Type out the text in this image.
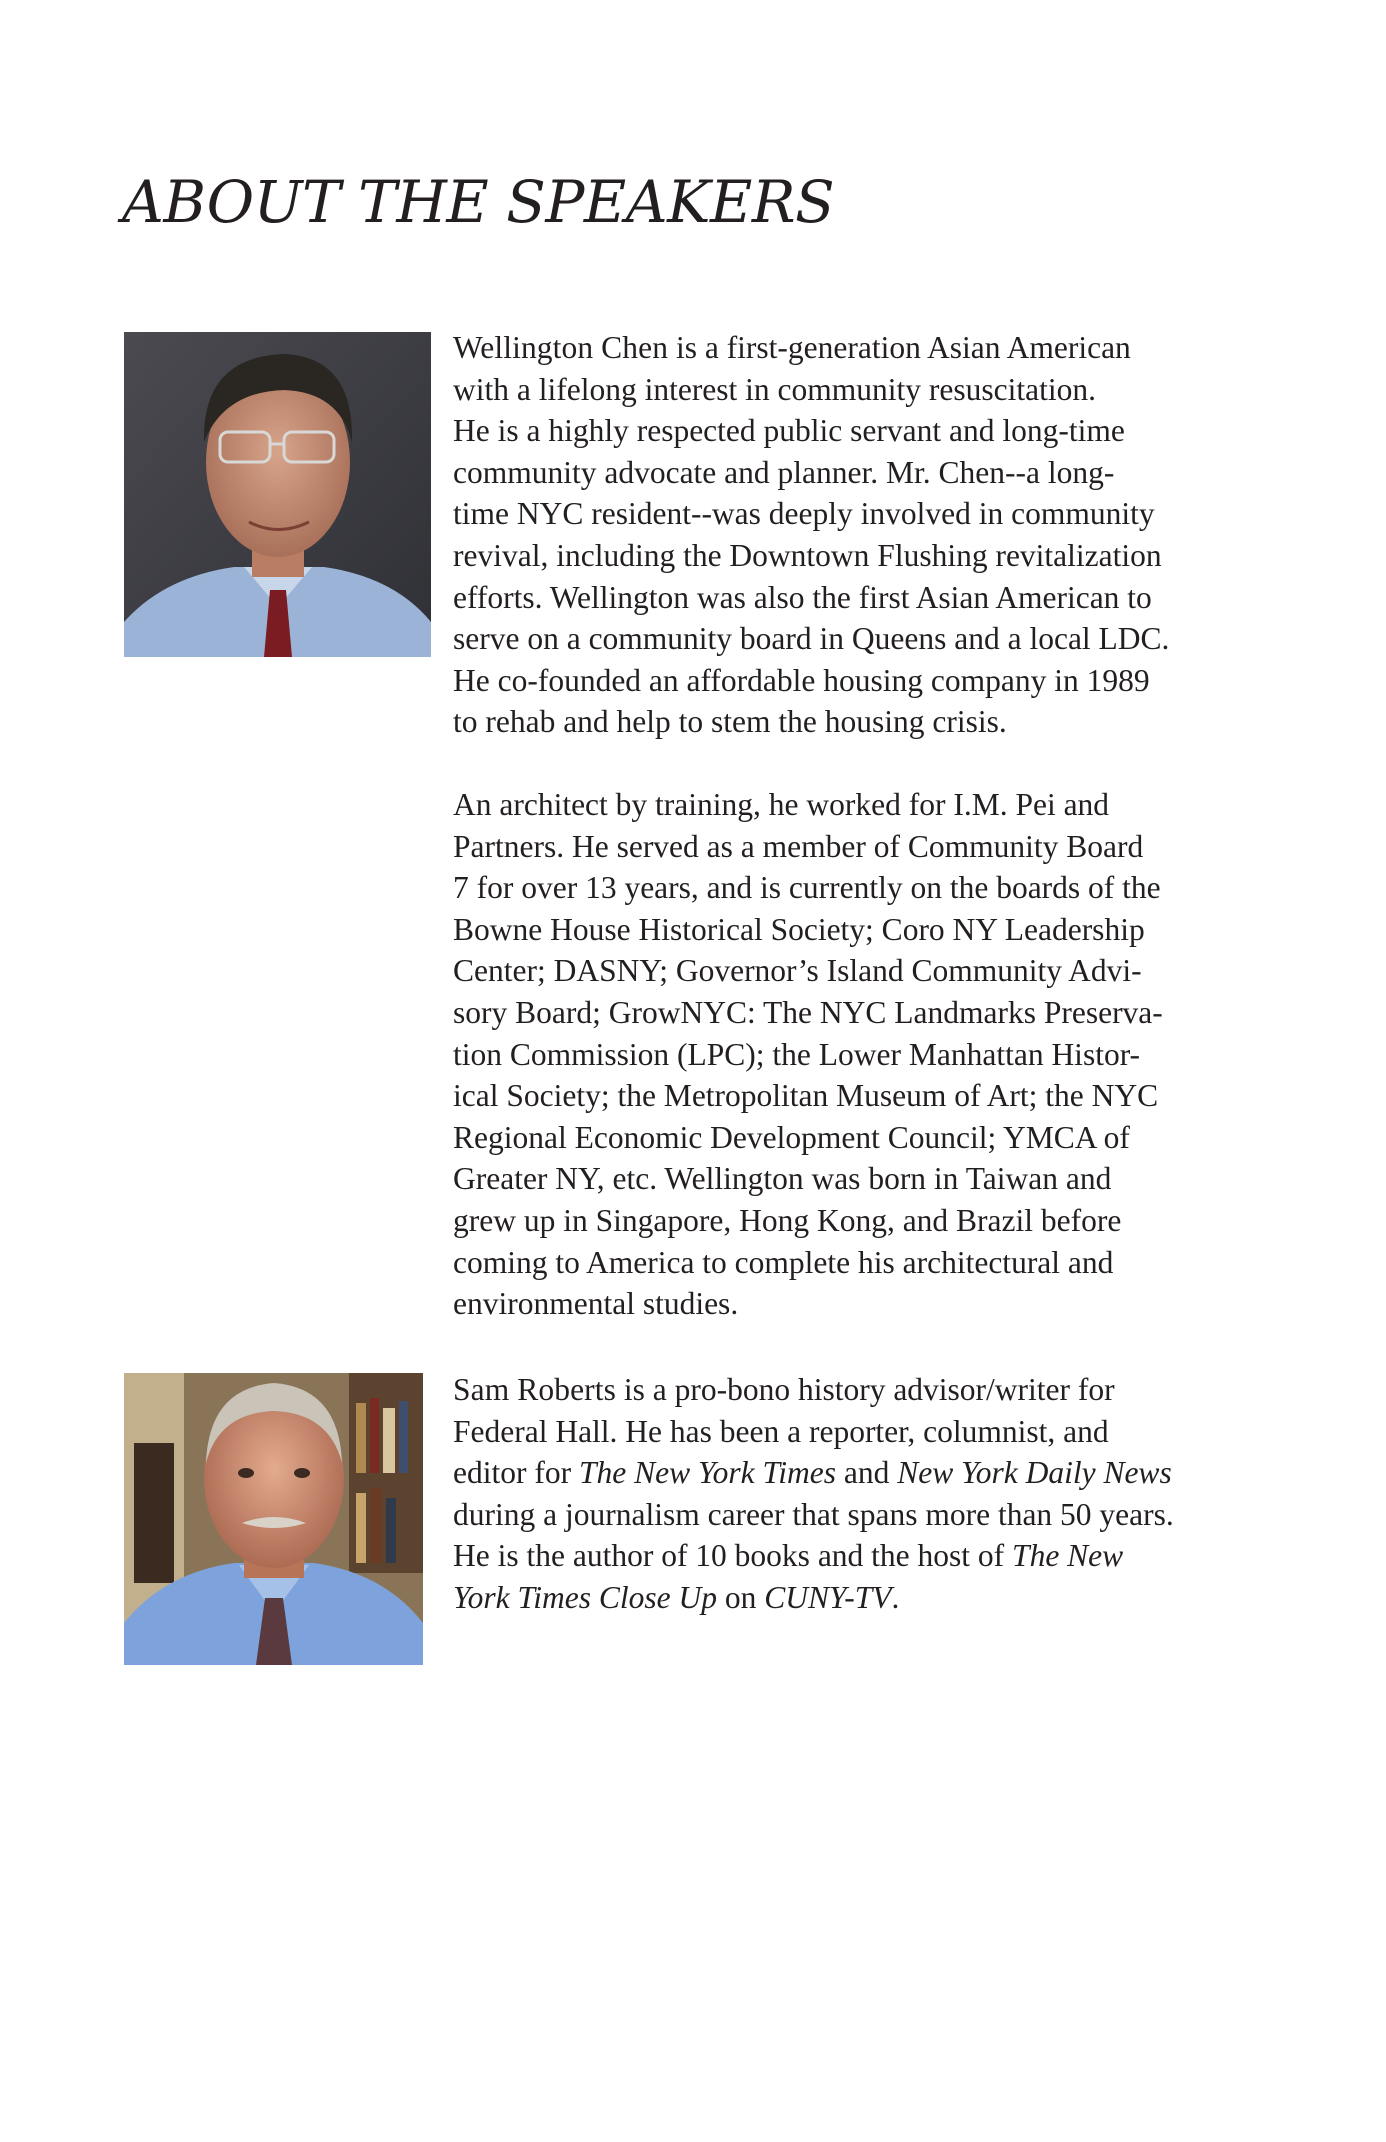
ABOUT THE SPEAKERS

Wellington Chen is a first-generation Asian American
with a lifelong interest in community resuscitation.
He is a highly respected public servant and long-time
community advocate and planner. Mr. Chen--a long-
time NYC resident--was deeply involved in community
revival, including the Downtown Flushing revitalization
efforts. Wellington was also the first Asian American to
serve on a community board in Queens and a local LDC.
He co-founded an affordable housing company in 1989
to rehab and help to stem the housing crisis.

An architect by training, he worked for I.M. Pei and
Partners. He served as a member of Community Board
7 for over 13 years, and is currently on the boards of the
Bowne House Historical Society; Coro NY Leadership
Center; DASNY; Governor’s Island Community Advi-
sory Board; GrowNYC: The NYC Landmarks Preserva-
tion Commission (LPC); the Lower Manhattan Histor-
ical Society; the Metropolitan Museum of Art; the NYC
Regional Economic Development Council; YMCA of
Greater NY, etc. Wellington was born in Taiwan and
grew up in Singapore, Hong Kong, and Brazil before
coming to America to complete his architectural and
environmental studies.

Sam Roberts is a pro-bono history advisor/writer for
Federal Hall. He has been a reporter, columnist, and
editor for The New York Times and New York Daily News
during a journalism career that spans more than 50 years.
He is the author of 10 books and the host of The New
York Times Close Up on CUNY-TV.
